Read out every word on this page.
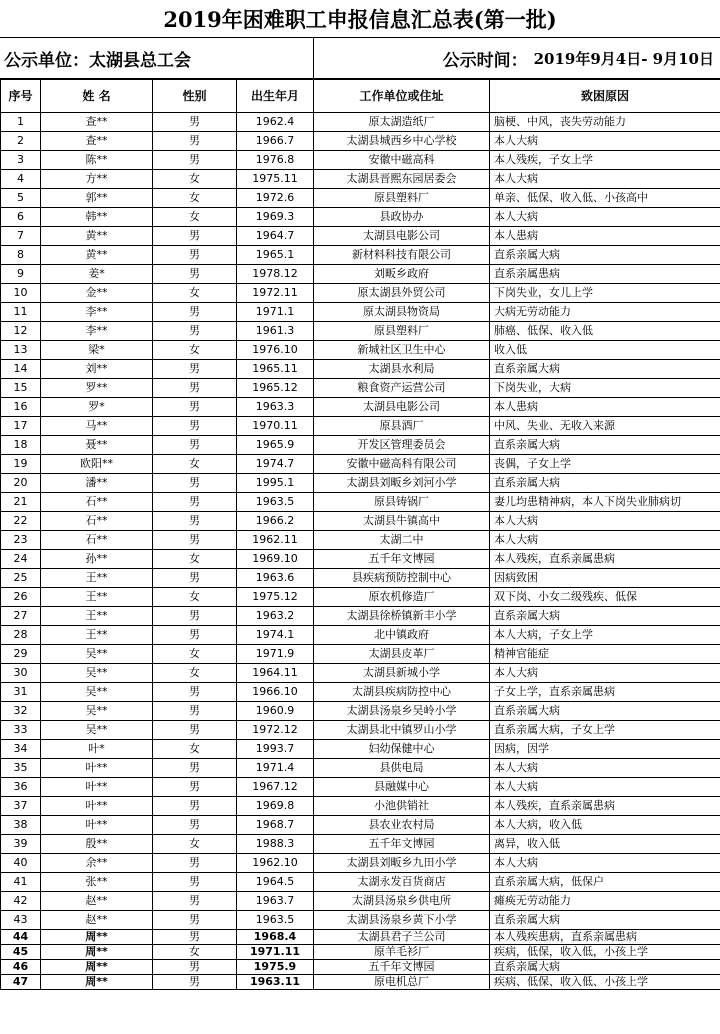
2019年困难职工申报信息汇总表(第一批)
公示单位：太湖县总工会	公示时间： 2019年9月4日- 9月10日
序号	姓 名	性别	出生年月	工作单位或住址	致困原因
1	查**	男	1962.4	原太湖造纸厂	脑梗、中风，丧失劳动能力
2	查**	男	1966.7	太湖县城西乡中心学校	本人大病
3	陈**	男	1976.8	安徽中磁高科	本人残疾，子女上学
4	方**	女	1975.11	太湖县晋熙东园居委会	本人大病
5	郭**	女	1972.6	原县塑料厂	单亲、低保、收入低、小孩高中
6	韩**	女	1969.3	县政协办	本人大病
7	黄**	男	1964.7	太湖县电影公司	本人患病
8	黄**	男	1965.1	新材料科技有限公司	直系亲属大病
9	姜*	男	1978.12	刘畈乡政府	直系亲属患病
10	金**	女	1972.11	原太湖县外贸公司	下岗失业，女儿上学
11	李**	男	1971.1	原太湖县物资局	大病无劳动能力
12	李**	男	1961.3	原县塑料厂	肺癌、低保、收入低
13	梁*	女	1976.10	新城社区卫生中心	收入低
14	刘**	男	1965.11	太湖县水利局	直系亲属大病
15	罗**	男	1965.12	粮食资产运营公司	下岗失业，大病
16	罗*	男	1963.3	太湖县电影公司	本人患病
17	马**	男	1970.11	原县酒厂	中风、失业、无收入来源
18	聂**	男	1965.9	开发区管理委员会	直系亲属大病
19	欧阳**	女	1974.7	安徽中磁高科有限公司	丧偶，子女上学
20	潘**	男	1995.1	太湖县刘畈乡刘河小学	直系亲属大病
21	石**	男	1963.5	原县铸锅厂	妻儿均患精神病，本人下岗失业肺病切
22	石**	男	1966.2	太湖县牛镇高中	本人大病
23	石**	男	1962.11	太湖二中	本人大病
24	孙**	女	1969.10	五千年文博园	本人残疾，直系亲属患病
25	王**	男	1963.6	县疾病预防控制中心	因病致困
26	王**	女	1975.12	原农机修造厂	双下岗、小女二级残疾、低保
27	王**	男	1963.2	太湖县徐桥镇新丰小学	直系亲属大病
28	王**	男	1974.1	北中镇政府	本人大病，子女上学
29	吴**	女	1971.9	太湖县皮革厂	精神官能症
30	吴**	女	1964.11	太湖县新城小学	本人大病
31	吴**	男	1966.10	太湖县疾病防控中心	子女上学，直系亲属患病
32	吴**	男	1960.9	太湖县汤泉乡吴岭小学	直系亲属大病
33	吴**	男	1972.12	太湖县北中镇罗山小学	直系亲属大病，子女上学
34	叶*	女	1993.7	妇幼保健中心	因病，因学
35	叶**	男	1971.4	县供电局	本人大病
36	叶**	男	1967.12	县融媒中心	本人大病
37	叶**	男	1969.8	小池供销社	本人残疾，直系亲属患病
38	叶**	男	1968.7	县农业农村局	本人大病，收入低
39	殷**	女	1988.3	五千年文博园	离异，收入低
40	余**	男	1962.10	太湖县刘畈乡九田小学	本人大病
41	张**	男	1964.5	太湖永发百货商店	直系亲属大病，低保户
42	赵**	男	1963.7	太湖县汤泉乡供电所	瘫痪无劳动能力
43	赵**	男	1963.5	太湖县汤泉乡黄下小学	直系亲属大病
44	周**	男	1968.4	太湖县君子兰公司	本人残疾患病，直系亲属患病
45	周**	女	1971.11	原羊毛衫厂	疾病，低保，收入低，小孩上学
46	周**	男	1975.9	五千年文博园	直系亲属大病
47	周**	男	1963.11	原电机总厂	疾病、低保、收入低、小孩上学
